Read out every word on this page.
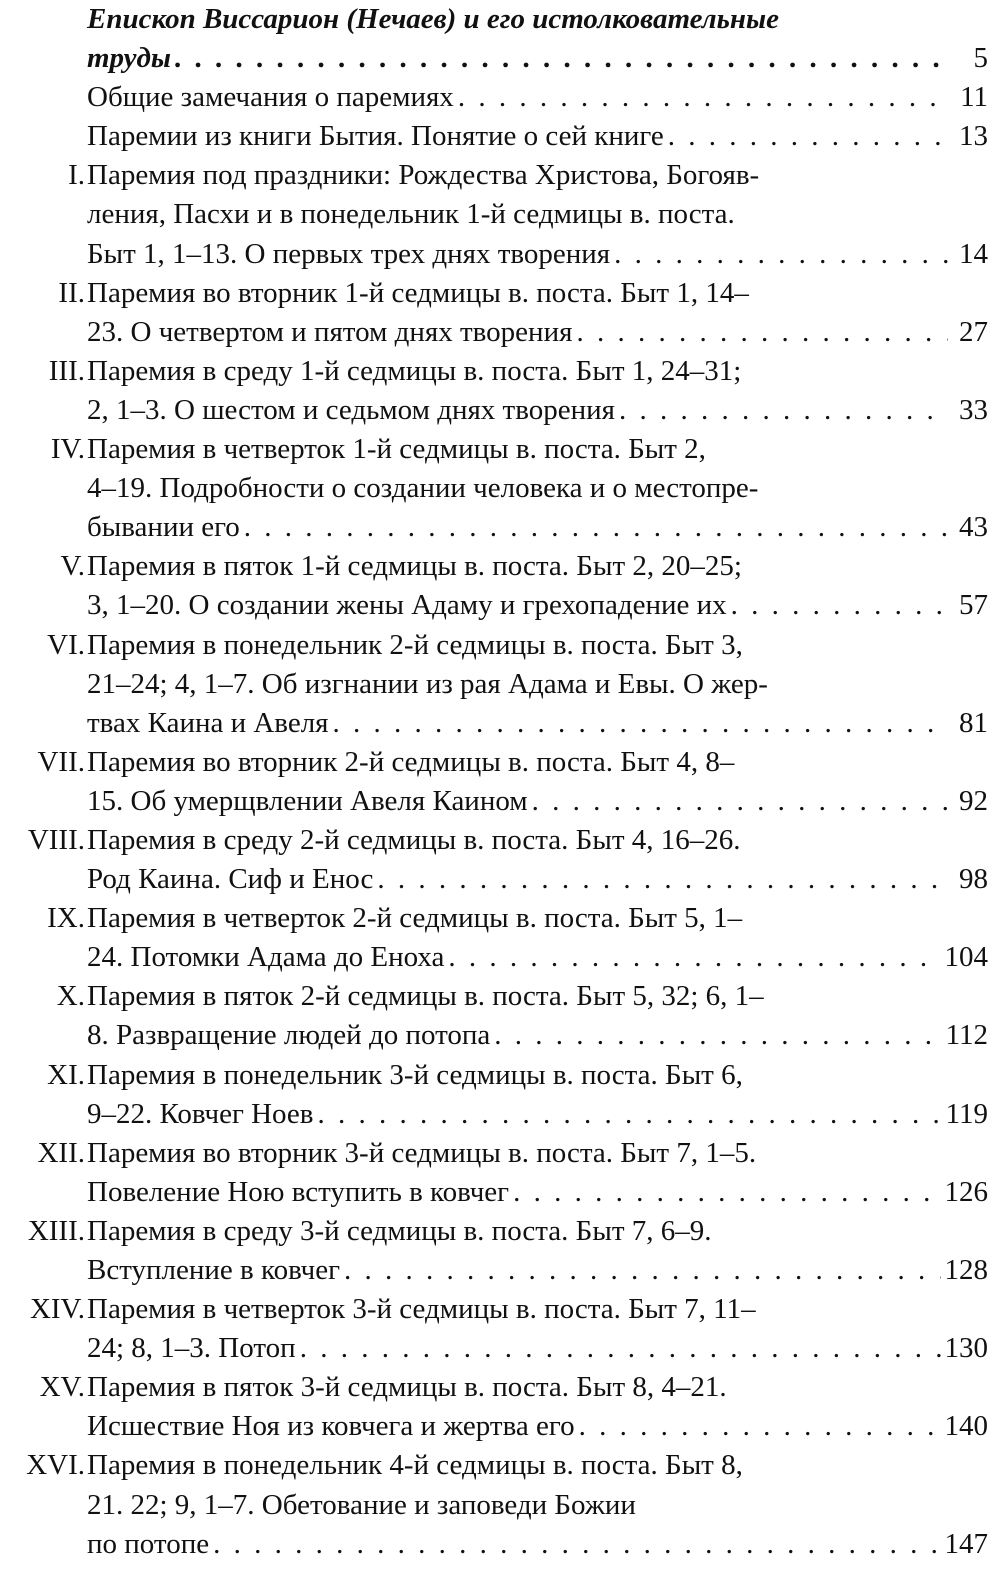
Епископ Виссарион (Нечаев) и его истолковательные
труды . . .	5
Общие замечания о паремиях . . .	11
Паремии из книги Бытия. Понятие о сей книге . . .	13
I. Паремия под праздники: Рождества Христова, Богояв-
ления, Пасхи и в понедельник 1-й седмицы в. поста.
Быт 1, 1–13. О первых трех днях творения . . .	14
II. Паремия во вторник 1-й седмицы в. поста. Быт 1, 14–
23. О четвертом и пятом днях творения . . .	27
III. Паремия в среду 1-й седмицы в. поста. Быт 1, 24–31;
2, 1–3. О шестом и седьмом днях творения . . .	33
IV. Паремия в четверток 1-й седмицы в. поста. Быт 2,
4–19. Подробности о создании человека и о местопре-
бывании его . . .	43
V. Паремия в пяток 1-й седмицы в. поста. Быт 2, 20–25;
3, 1–20. О создании жены Адаму и грехопадение их . . .	57
VI. Паремия в понедельник 2-й седмицы в. поста. Быт 3,
21–24; 4, 1–7. Об изгнании из рая Адама и Евы. О жер-
твах Каина и Авеля . . .	81
VII. Паремия во вторник 2-й седмицы в. поста. Быт 4, 8–
15. Об умерщвлении Авеля Каином . . .	92
VIII. Паремия в среду 2-й седмицы в. поста. Быт 4, 16–26.
Род Каина. Сиф и Енос . . .	98
IX. Паремия в четверток 2-й седмицы в. поста. Быт 5, 1–
24. Потомки Адама до Еноха . . .	104
X. Паремия в пяток 2-й седмицы в. поста. Быт 5, 32; 6, 1–
8. Развращение людей до потопа . . .	112
XI. Паремия в понедельник 3-й седмицы в. поста. Быт 6,
9–22. Ковчег Ноев . . .	119
XII. Паремия во вторник 3-й седмицы в. поста. Быт 7, 1–5.
Повеление Ною вступить в ковчег . . .	126
XIII. Паремия в среду 3-й седмицы в. поста. Быт 7, 6–9.
Вступление в ковчег . . .	128
XIV. Паремия в четверток 3-й седмицы в. поста. Быт 7, 11–
24; 8, 1–3. Потоп . . .	130
XV. Паремия в пяток 3-й седмицы в. поста. Быт 8, 4–21.
Исшествие Ноя из ковчега и жертва его . . .	140
XVI. Паремия в понедельник 4-й седмицы в. поста. Быт 8,
21. 22; 9, 1–7. Обетование и заповеди Божии
по потопе . . .	147
